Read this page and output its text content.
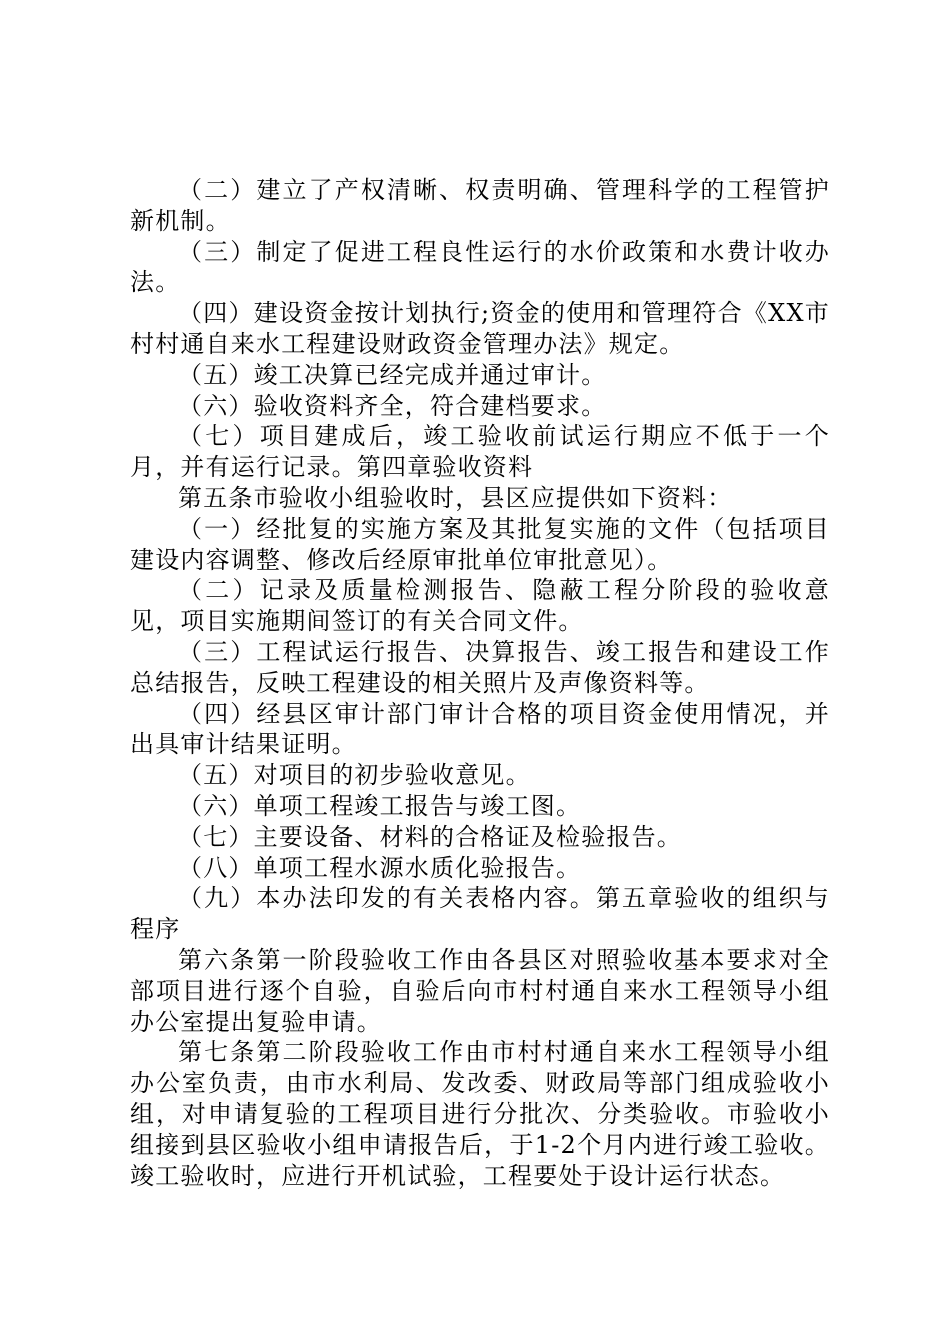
（二）建立了产权清晰、权责明确、管理科学的工程管护新机制。

（三）制定了促进工程良性运行的水价政策和水费计收办法。

（四）建设资金按计划执行;资金的使用和管理符合《XX市村村通自来水工程建设财政资金管理办法》规定。

（五）竣工决算已经完成并通过审计。

（六）验收资料齐全，符合建档要求。

（七）项目建成后，竣工验收前试运行期应不低于一个月，并有运行记录。第四章验收资料

第五条市验收小组验收时，县区应提供如下资料：

（一）经批复的实施方案及其批复实施的文件（包括项目建设内容调整、修改后经原审批单位审批意见）。

（二）记录及质量检测报告、隐蔽工程分阶段的验收意见，项目实施期间签订的有关合同文件。

（三）工程试运行报告、决算报告、竣工报告和建设工作总结报告，反映工程建设的相关照片及声像资料等。

（四）经县区审计部门审计合格的项目资金使用情况，并出具审计结果证明。

（五）对项目的初步验收意见。

（六）单项工程竣工报告与竣工图。

（七）主要设备、材料的合格证及检验报告。

（八）单项工程水源水质化验报告。

（九）本办法印发的有关表格内容。第五章验收的组织与程序

第六条第一阶段验收工作由各县区对照验收基本要求对全部项目进行逐个自验，自验后向市村村通自来水工程领导小组办公室提出复验申请。

第七条第二阶段验收工作由市村村通自来水工程领导小组办公室负责，由市水利局、发改委、财政局等部门组成验收小组，对申请复验的工程项目进行分批次、分类验收。市验收小组接到县区验收小组申请报告后，于1-2个月内进行竣工验收。竣工验收时，应进行开机试验，工程要处于设计运行状态。
